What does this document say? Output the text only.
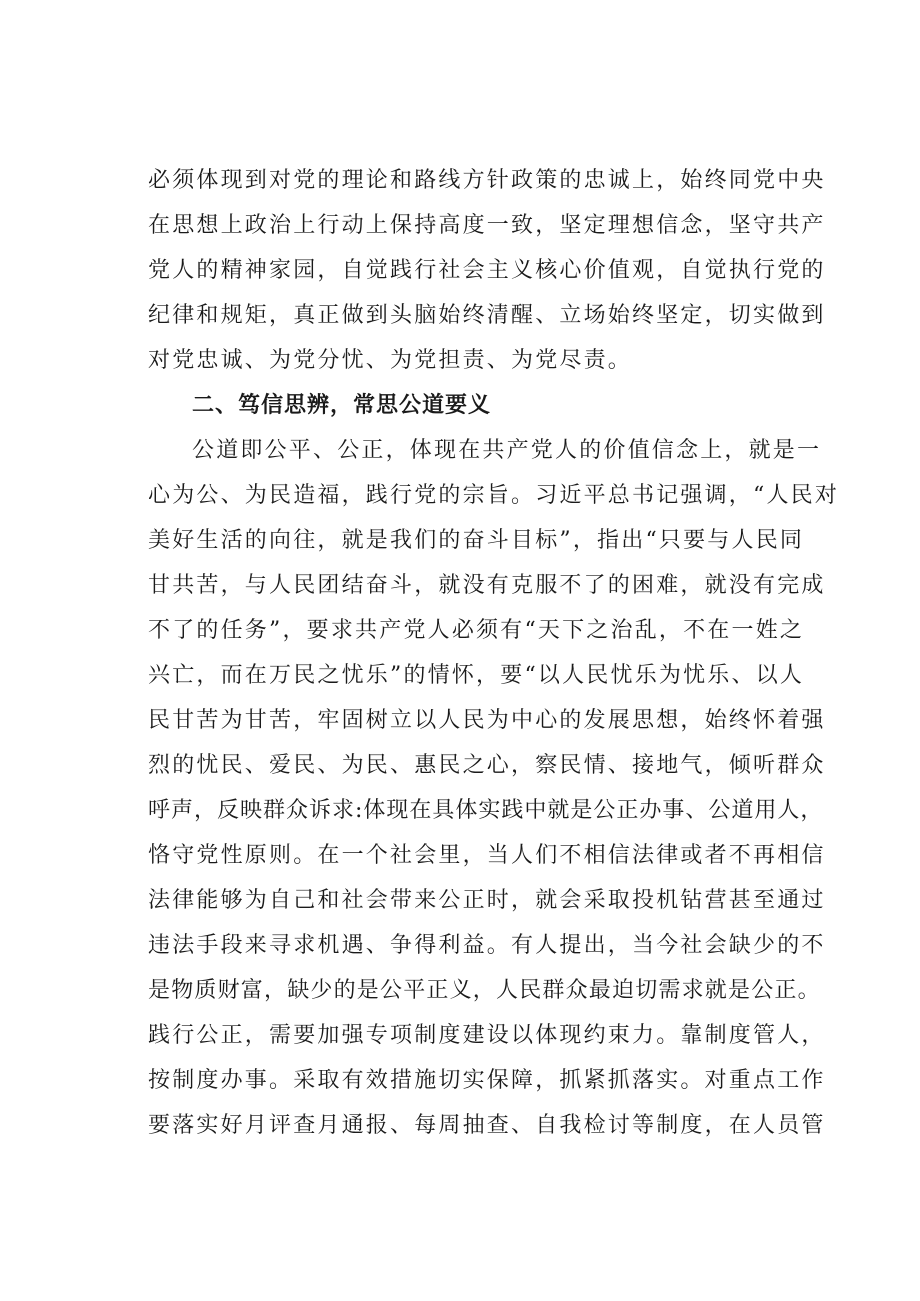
必须体现到对党的理论和路线方针政策的忠诚上，始终同党中央
在思想上政治上行动上保持高度一致，坚定理想信念，坚守共产
党人的精神家园，自觉践行社会主义核心价值观，自觉执行党的
纪律和规矩，真正做到头脑始终清醒、立场始终坚定，切实做到
对党忠诚、为党分忧、为党担责、为党尽责。
二、笃信思辨，常思公道要义
公道即公平、公正，体现在共产党人的价值信念上，就是一
心为公、为民造福，践行党的宗旨。习近平总书记强调，“人民对
美好生活的向往，就是我们的奋斗目标”，指出“只要与人民同
甘共苦，与人民团结奋斗，就没有克服不了的困难，就没有完成
不了的任务”，要求共产党人必须有“天下之治乱，不在一姓之
兴亡，而在万民之忧乐”的情怀，要“以人民忧乐为忧乐、以人
民甘苦为甘苦，牢固树立以人民为中心的发展思想，始终怀着强
烈的忧民、爱民、为民、惠民之心，察民情、接地气，倾听群众
呼声，反映群众诉求:体现在具体实践中就是公正办事、公道用人，
恪守党性原则。在一个社会里，当人们不相信法律或者不再相信
法律能够为自己和社会带来公正时，就会采取投机钻营甚至通过
违法手段来寻求机遇、争得利益。有人提出，当今社会缺少的不
是物质财富，缺少的是公平正义，人民群众最迫切需求就是公正。
践行公正，需要加强专项制度建设以体现约束力。靠制度管人，
按制度办事。采取有效措施切实保障，抓紧抓落实。对重点工作
要落实好月评查月通报、每周抽查、自我检讨等制度，在人员管
